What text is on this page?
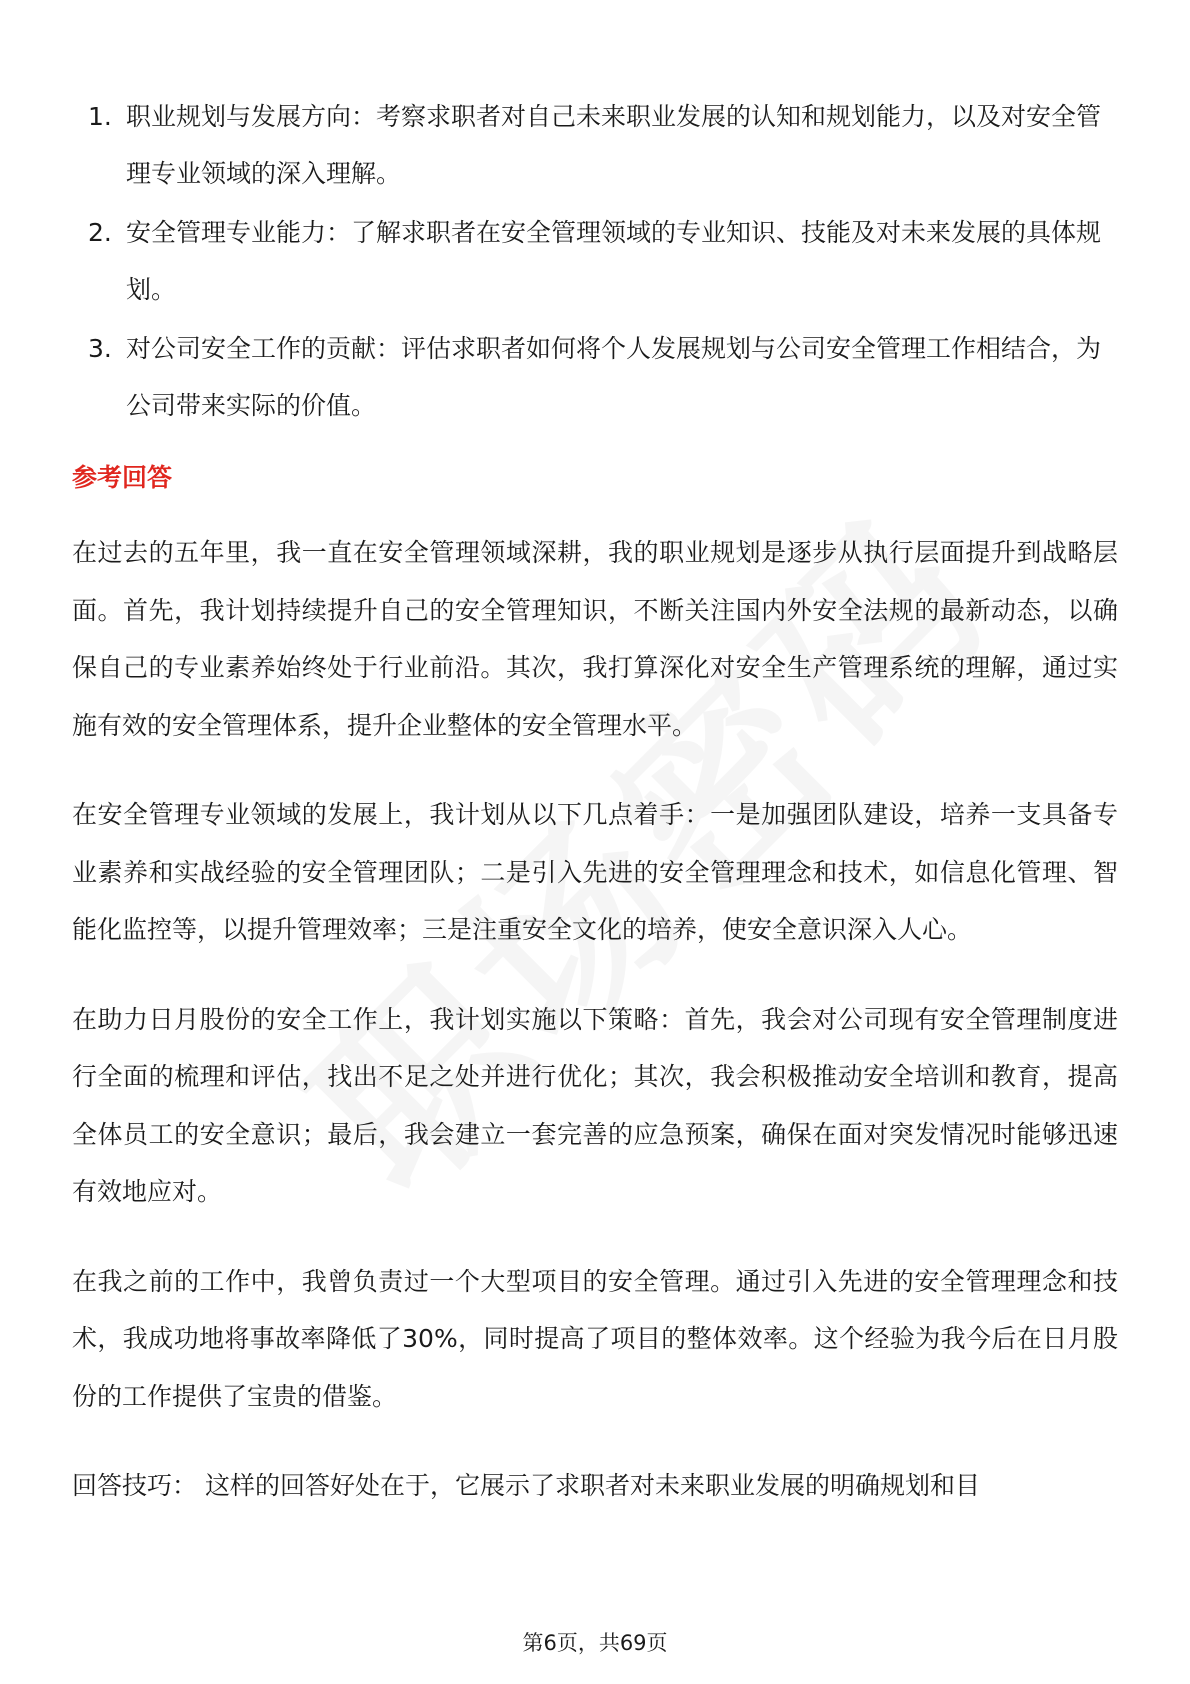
1. 职业规划与发展方向：考察求职者对自己未来职业发展的认知和规划能力，以及对安全管理专业领域的深入理解。
2. 安全管理专业能力：了解求职者在安全管理领域的专业知识、技能及对未来发展的具体规划。
3. 对公司安全工作的贡献：评估求职者如何将个人发展规划与公司安全管理工作相结合，为公司带来实际的价值。
参考回答

在过去的五年里，我一直在安全管理领域深耕，我的职业规划是逐步从执行层面提升到战略层面。首先，我计划持续提升自己的安全管理知识，不断关注国内外安全法规的最新动态，以确保自己的专业素养始终处于行业前沿。其次，我打算深化对安全生产管理系统的理解，通过实施有效的安全管理体系，提升企业整体的安全管理水平。

在安全管理专业领域的发展上，我计划从以下几点着手：一是加强团队建设，培养一支具备专业素养和实战经验的安全管理团队；二是引入先进的安全管理理念和技术，如信息化管理、智能化监控等，以提升管理效率；三是注重安全文化的培养，使安全意识深入人心。

在助力日月股份的安全工作上，我计划实施以下策略：首先，我会对公司现有安全管理制度进行全面的梳理和评估，找出不足之处并进行优化；其次，我会积极推动安全培训和教育，提高全体员工的安全意识；最后，我会建立一套完善的应急预案，确保在面对突发情况时能够迅速有效地应对。

在我之前的工作中，我曾负责过一个大型项目的安全管理。通过引入先进的安全管理理念和技术，我成功地将事故率降低了30%，同时提高了项目的整体效率。这个经验为我今后在日月股份的工作提供了宝贵的借鉴。

回答技巧： 这样的回答好处在于，它展示了求职者对未来职业发展的明确规划和目

第6页，共69页
